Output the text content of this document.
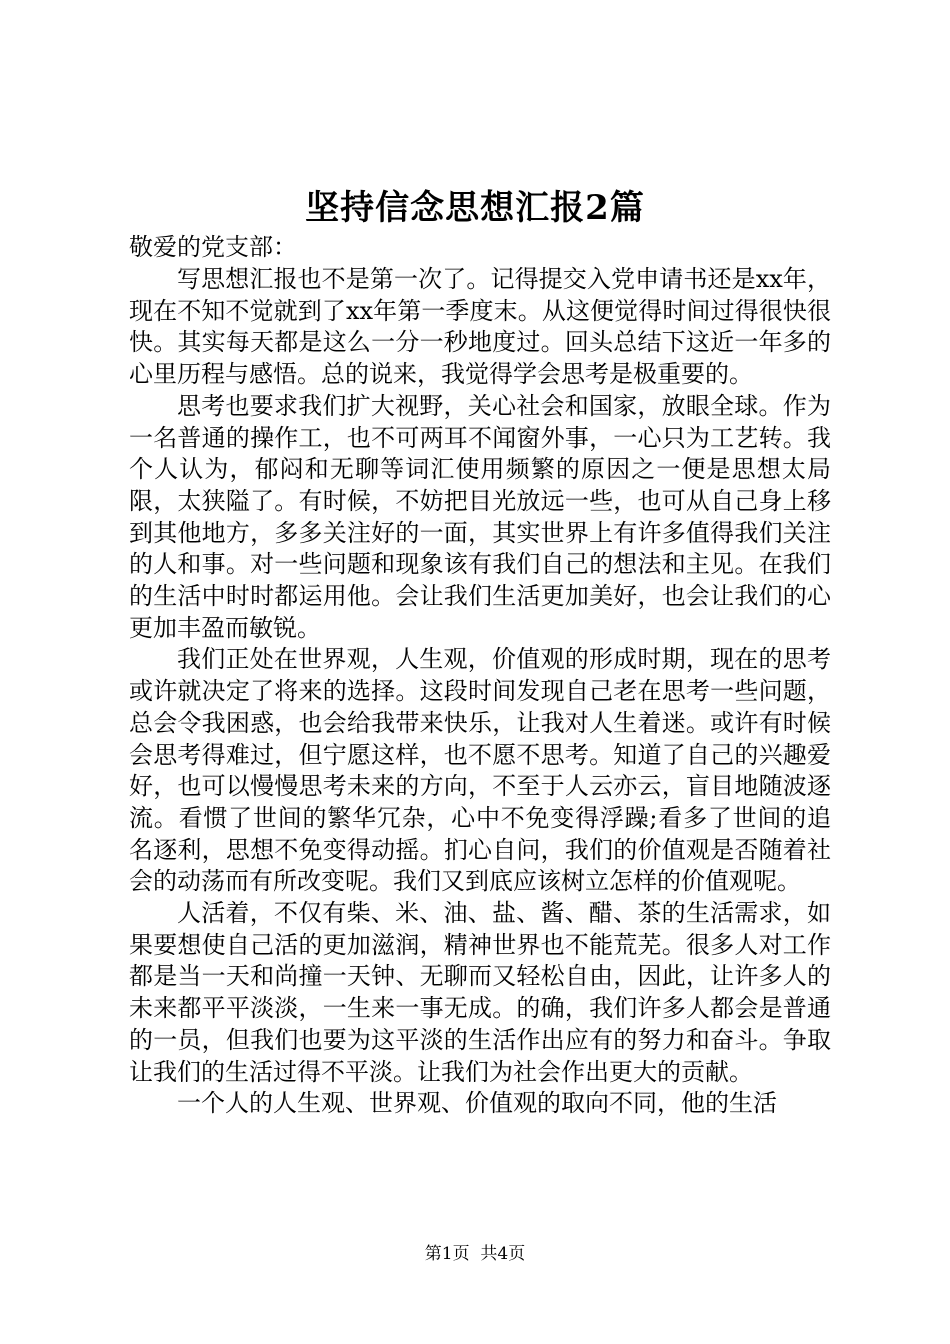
坚持信念思想汇报2篇
敬爱的党支部：

写思想汇报也不是第一次了。记得提交入党申请书还是xx年，现在不知不觉就到了xx年第一季度末。从这便觉得时间过得很快很快。其实每天都是这么一分一秒地度过。回头总结下这近一年多的心里历程与感悟。总的说来，我觉得学会思考是极重要的。

思考也要求我们扩大视野，关心社会和国家，放眼全球。作为一名普通的操作工，也不可两耳不闻窗外事，一心只为工艺转。我个人认为，郁闷和无聊等词汇使用频繁的原因之一便是思想太局限，太狭隘了。有时候，不妨把目光放远一些，也可从自己身上移到其他地方，多多关注好的一面，其实世界上有许多值得我们关注的人和事。对一些问题和现象该有我们自己的想法和主见。在我们的生活中时时都运用他。会让我们生活更加美好，也会让我们的心更加丰盈而敏锐。

我们正处在世界观，人生观，价值观的形成时期，现在的思考或许就决定了将来的选择。这段时间发现自己老在思考一些问题，总会令我困惑，也会给我带来快乐，让我对人生着迷。或许有时候会思考得难过，但宁愿这样，也不愿不思考。知道了自己的兴趣爱好，也可以慢慢思考未来的方向，不至于人云亦云，盲目地随波逐流。看惯了世间的繁华冗杂，心中不免变得浮躁;看多了世间的追名逐利，思想不免变得动摇。扪心自问，我们的价值观是否随着社会的动荡而有所改变呢。我们又到底应该树立怎样的价值观呢。

人活着，不仅有柴、米、油、盐、酱、醋、茶的生活需求，如果要想使自己活的更加滋润，精神世界也不能荒芜。很多人对工作都是当一天和尚撞一天钟、无聊而又轻松自由，因此，让许多人的未来都平平淡淡，一生来一事无成。的确，我们许多人都会是普通的一员，但我们也要为这平淡的生活作出应有的努力和奋斗。争取让我们的生活过得不平淡。让我们为社会作出更大的贡献。

一个人的人生观、世界观、价值观的取向不同，他的生活

第1页  共4页
